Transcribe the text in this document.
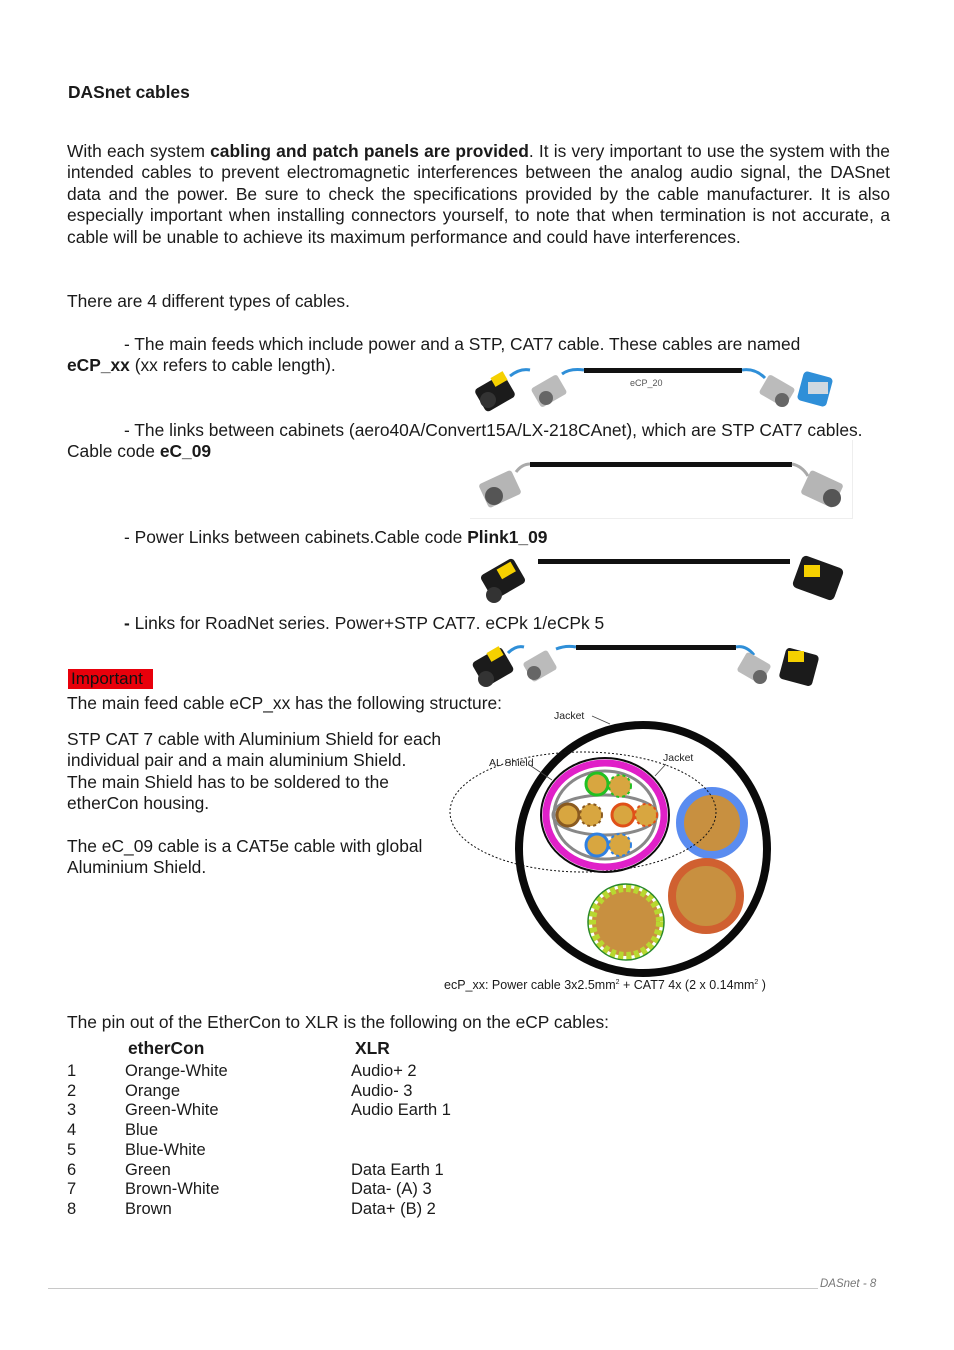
DASnet cables
With each system cabling and patch panels are provided. It is very important to use the system with the intended cables to prevent electromagnetic interferences between the analog audio signal, the DASnet data and the power. Be sure to check the specifications provided by the cable manufacturer. It is also especially important when installing connectors yourself, to note that when termination is not accurate, a cable will be unable to achieve its maximum performance and could have interferences.
There are 4 different types of cables.
- The main feeds which include power and a STP, CAT7 cable. These cables are named
eCP_xx (xx refers to cable length).
- The links between cabinets (aero40A/Convert15A/LX-218CAnet), which are STP CAT7 cables. Cable code eC_09
- Power Links between cabinets.Cable code Plink1_09
- Links for RoadNet series. Power+STP CAT7. eCPk 1/eCPk 5
eCP_20
Important
The main feed cable eCP_xx has the following structure:
STP CAT 7 cable with Aluminium Shield for each individual pair and a main aluminium Shield.
The main Shield has to be soldered to the etherCon housing.
The eC_09 cable is a CAT5e cable with global Aluminium Shield.
Jacket
Jacket
AL Shield
ecP_xx: Power cable $3x2.5mm^2 + CAT7$ 4x (2 x $0.14mm^2$ )
The pin out of the EtherCon to XLR is the following on the eCP cables:
etherCon	XLR
1	Orange-White	Audio+ 2
2	Orange	Audio- 3
3	Green-White	Audio Earth 1
4	Blue	
5	Blue-White	
6	Green	Data Earth 1
7	Brown-White	Data- (A) 3
8	Brown	Data+ (B) 2
DASnet - 8
